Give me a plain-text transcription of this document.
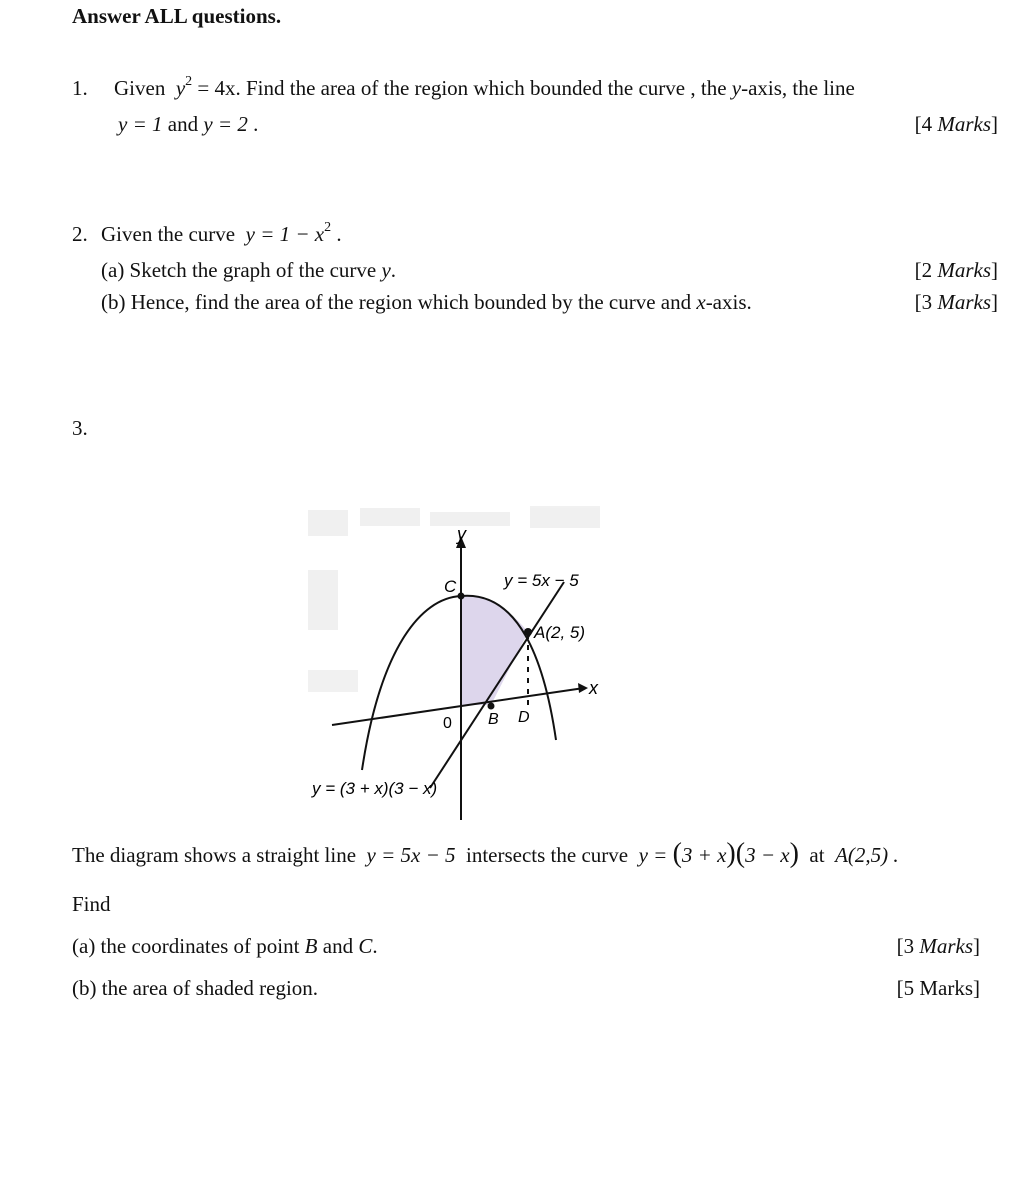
Answer ALL questions.
1. Given $y^2 = 4x$. Find the area of the region which bounded the curve , the y-axis, the line
y = 1 and y = 2 .	[4 Marks]
2. Given the curve $y = 1 - x^2$ .
(a) Sketch the graph of the curve y.	[2 Marks]
(b) Hence, find the area of the region which bounded by the curve and x-axis.	[3 Marks]
3.
y
x
C
0 B D
A(2, 5)
y = 5x − 5
y = (3 + x)(3 − x)
The diagram shows a straight line y = 5x − 5 intersects the curve y = (3 + x)(3 − x) at A(2,5) .
Find
(a) the coordinates of point B and C.	[3 Marks]
(b) the area of shaded region.	[5 Marks]
